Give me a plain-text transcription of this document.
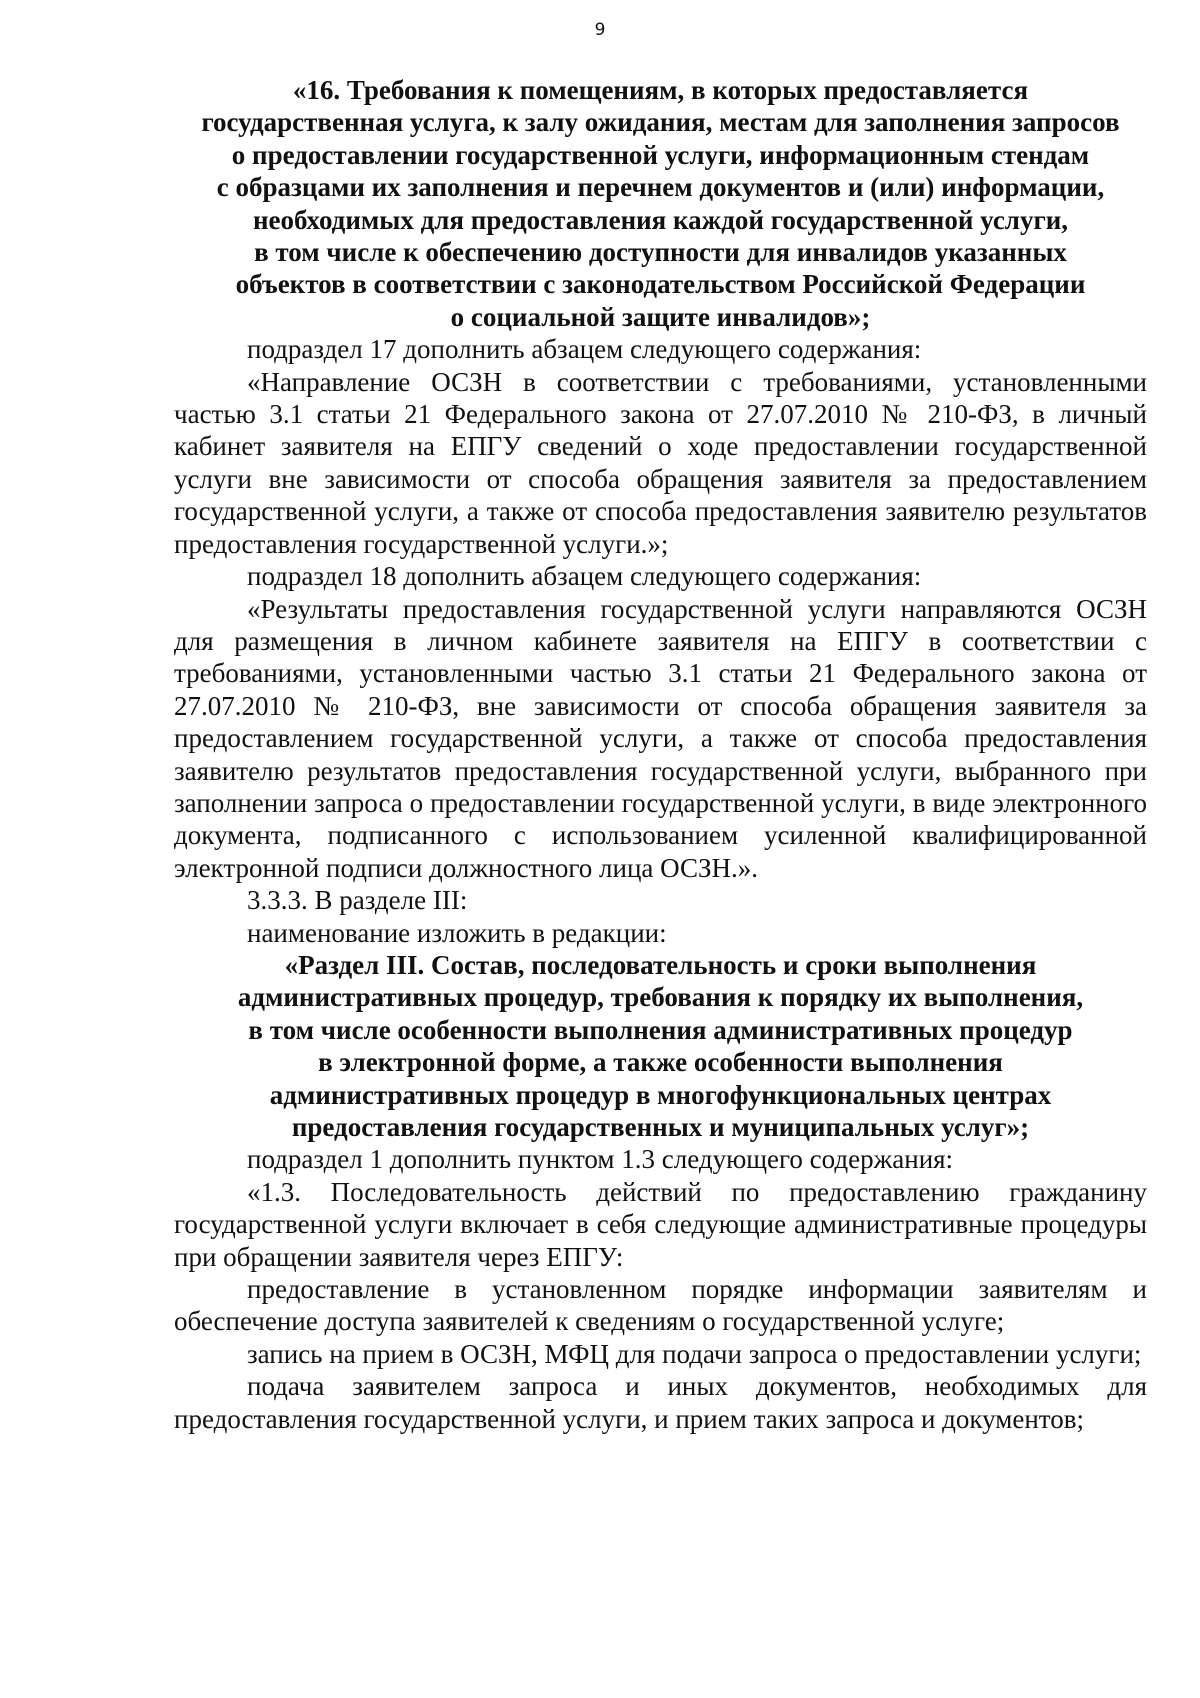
9
«16. Требования к помещениям, в которых предоставляется
государственная услуга, к залу ожидания, местам для заполнения запросов
о предоставлении государственной услуги, информационным стендам
с образцами их заполнения и перечнем документов и (или) информации,
необходимых для предоставления каждой государственной услуги,
в том числе к обеспечению доступности для инвалидов указанных
объектов в соответствии с законодательством Российской Федерации
о социальной защите инвалидов»;

подраздел 17 дополнить абзацем следующего содержания:

«Направление ОСЗН в соответствии с требованиями, установленными частью 3.1 статьи 21 Федерального закона от 27.07.2010 № 210-ФЗ, в личный кабинет заявителя на ЕПГУ сведений о ходе предоставлении государственной услуги вне зависимости от способа обращения заявителя за предоставлением государственной услуги, а также от способа предоставления заявителю результатов предоставления государственной услуги.»;

подраздел 18 дополнить абзацем следующего содержания:

«Результаты предоставления государственной услуги направляются ОСЗН для размещения в личном кабинете заявителя на ЕПГУ в соответствии с требованиями, установленными частью 3.1 статьи 21 Федерального закона от 27.07.2010 № 210-ФЗ, вне зависимости от способа обращения заявителя за предоставлением государственной услуги, а также от способа предоставления заявителю результатов предоставления государственной услуги, выбранного при заполнении запроса о предоставлении государственной услуги, в виде электронного документа, подписанного с использованием усиленной квалифицированной электронной подписи должностного лица ОСЗН.».

3.3.3. В разделе III:

наименование изложить в редакции:

«Раздел III. Состав, последовательность и сроки выполнения
административных процедур, требования к порядку их выполнения,
в том числе особенности выполнения административных процедур
в электронной форме, а также особенности выполнения
административных процедур в многофункциональных центрах
предоставления государственных и муниципальных услуг»;

подраздел 1 дополнить пунктом 1.3 следующего содержания:

«1.3. Последовательность действий по предоставлению гражданину государственной услуги включает в себя следующие административные процедуры при обращении заявителя через ЕПГУ:

предоставление в установленном порядке информации заявителям и обеспечение доступа заявителей к сведениям о государственной услуге;

запись на прием в ОСЗН, МФЦ для подачи запроса о предоставлении услуги;

подача заявителем запроса и иных документов, необходимых для предоставления государственной услуги, и прием таких запроса и документов;
